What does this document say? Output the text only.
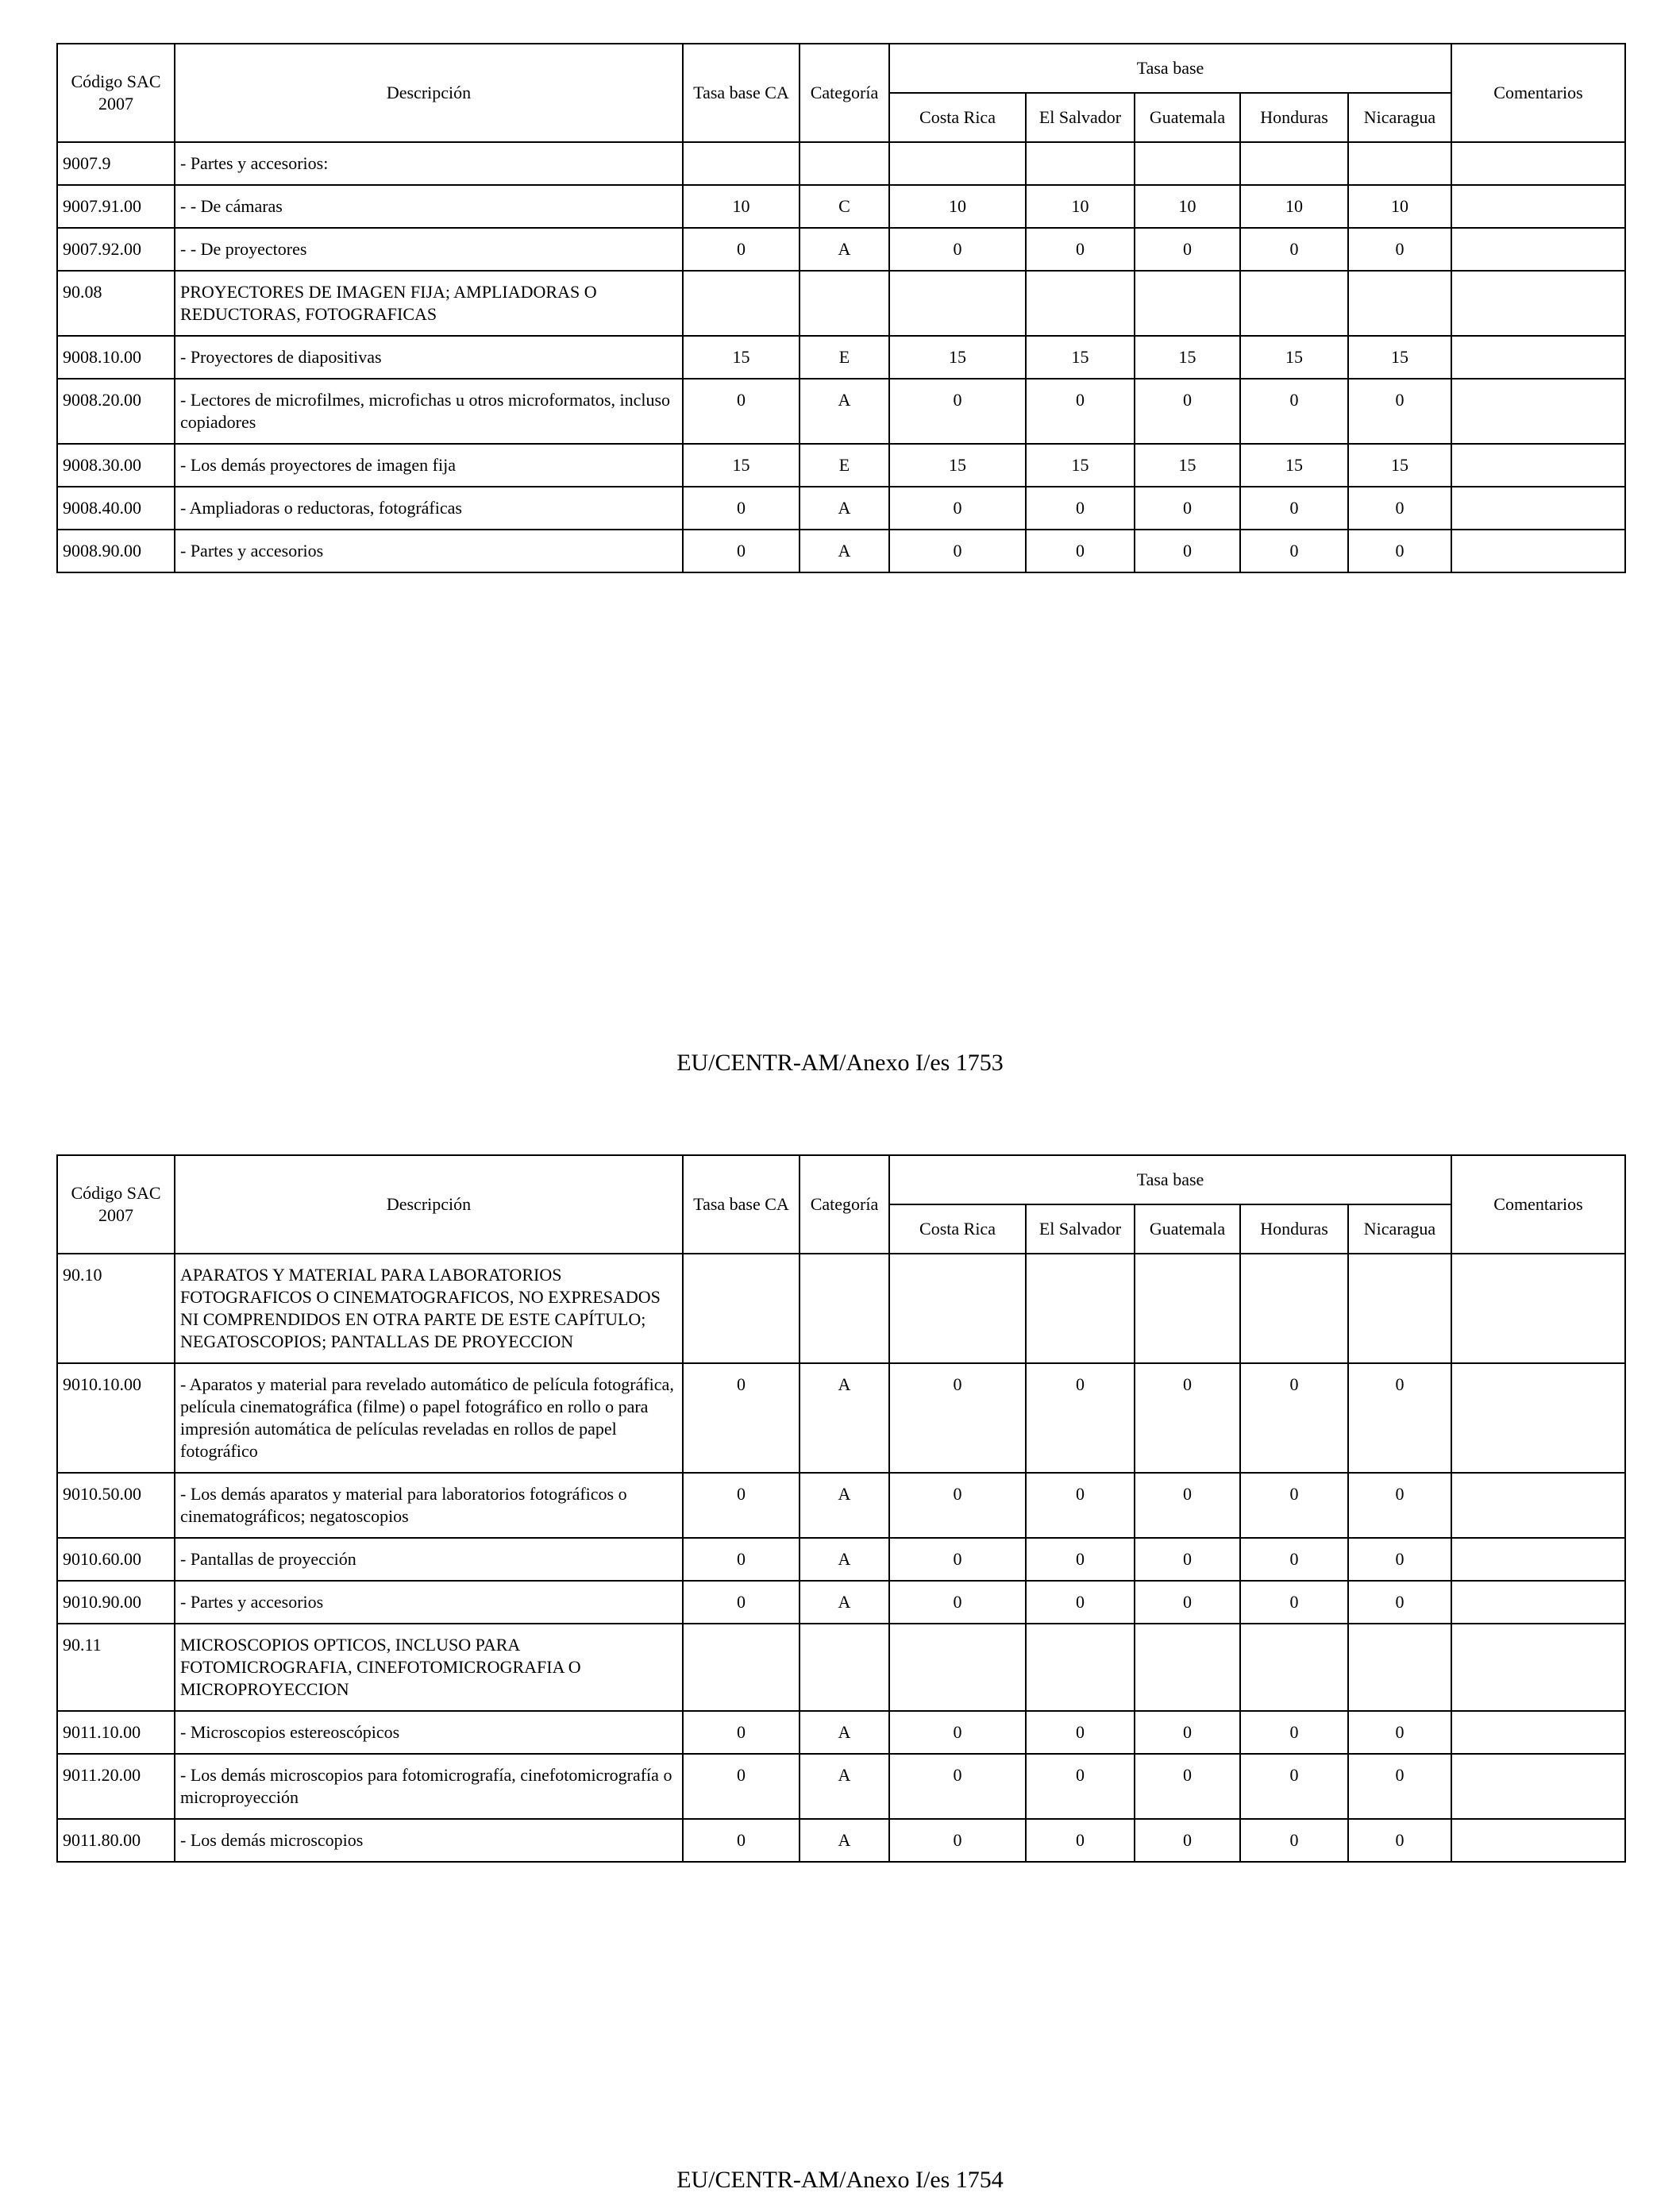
Código SAC 2007	Descripción	Tasa base CA	Categoría	Tasa base					Comentarios
				Costa Rica	El Salvador	Guatemala	Honduras	Nicaragua	
9007.9	- Partes y accesorios:								
9007.91.00	- - De cámaras	10	C	10	10	10	10	10	
9007.92.00	- - De proyectores	0	A	0	0	0	0	0	
90.08	PROYECTORES DE IMAGEN FIJA; AMPLIADORAS O REDUCTORAS, FOTOGRAFICAS								
9008.10.00	- Proyectores de diapositivas	15	E	15	15	15	15	15	
9008.20.00	- Lectores de microfilmes, microfichas u otros microformatos, incluso copiadores	0	A	0	0	0	0	0	
9008.30.00	- Los demás proyectores de imagen fija	15	E	15	15	15	15	15	
9008.40.00	- Ampliadoras o reductoras, fotográficas	0	A	0	0	0	0	0	
9008.90.00	- Partes y accesorios	0	A	0	0	0	0	0	
EU/CENTR-AM/Anexo I/es 1753
Código SAC 2007	Descripción	Tasa base CA	Categoría	Tasa base					Comentarios
				Costa Rica	El Salvador	Guatemala	Honduras	Nicaragua	
90.10	APARATOS Y MATERIAL PARA LABORATORIOS FOTOGRAFICOS O CINEMATOGRAFICOS, NO EXPRESADOS NI COMPRENDIDOS EN OTRA PARTE DE ESTE CAPÍTULO; NEGATOSCOPIOS; PANTALLAS DE PROYECCION								
9010.10.00	- Aparatos y material para revelado automático de película fotográfica, película cinematográfica (filme) o papel fotográfico en rollo o para impresión automática de películas reveladas en rollos de papel fotográfico	0	A	0	0	0	0	0	
9010.50.00	- Los demás aparatos y material para laboratorios fotográficos o cinematográficos; negatoscopios	0	A	0	0	0	0	0	
9010.60.00	- Pantallas de proyección	0	A	0	0	0	0	0	
9010.90.00	- Partes y accesorios	0	A	0	0	0	0	0	
90.11	MICROSCOPIOS OPTICOS, INCLUSO PARA FOTOMICROGRAFIA, CINEFOTOMICROGRAFIA O MICROPROYECCION								
9011.10.00	- Microscopios estereoscópicos	0	A	0	0	0	0	0	
9011.20.00	- Los demás microscopios para fotomicrografía, cinefotomicrografía o microproyección	0	A	0	0	0	0	0	
9011.80.00	- Los demás microscopios	0	A	0	0	0	0	0	
EU/CENTR-AM/Anexo I/es 1754
